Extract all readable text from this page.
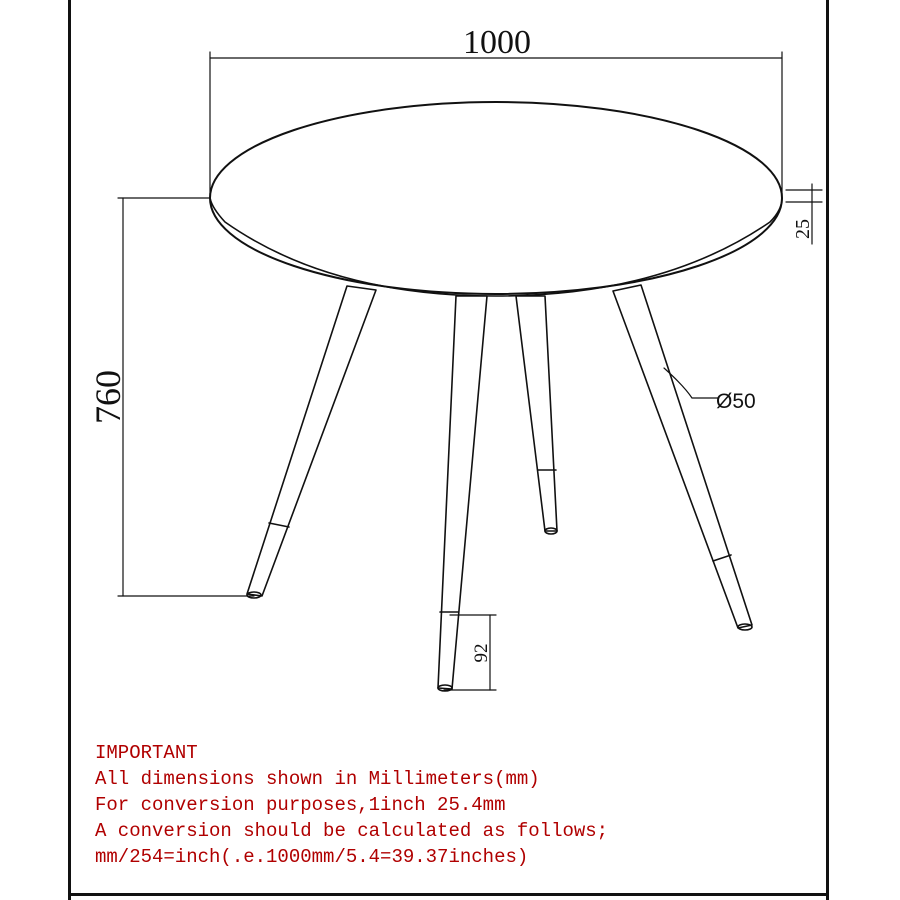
1000
760
25
Ø50
92
IMPORTANT
All dimensions shown in Millimeters(mm)
For conversion purposes,1inch 25.4mm
A conversion should be calculated as follows;
mm/254=inch(.e.1000mm/5.4=39.37inches)
